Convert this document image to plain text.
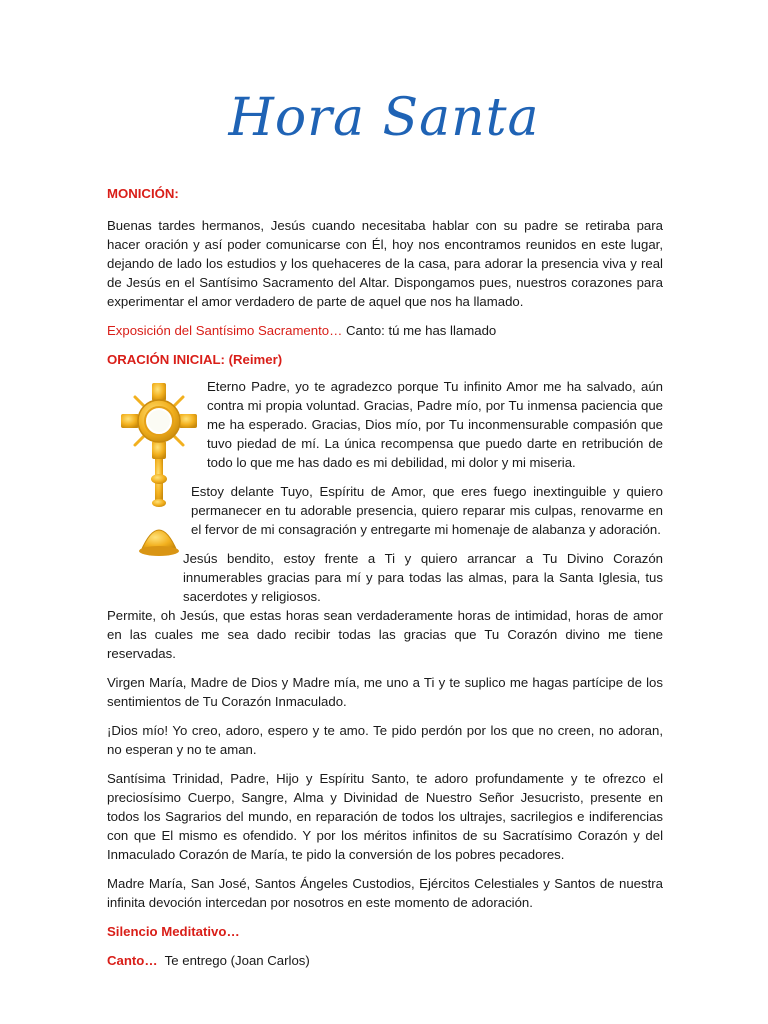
Hora Santa
MONICIÓN:

Buenas tardes hermanos, Jesús cuando necesitaba hablar con su padre se retiraba para hacer oración y así poder comunicarse con Él, hoy nos encontramos reunidos en este lugar, dejando de lado los estudios y los quehaceres de la casa, para adorar la presencia viva y real de Jesús en el Santísimo Sacramento del Altar. Dispongamos pues, nuestros corazones para experimentar el amor verdadero de parte de aquel que nos ha llamado.

Exposición del Santísimo Sacramento… Canto: tú me has llamado
ORACIÓN INICIAL: (Reimer)

Eterno Padre, yo te agradezco porque Tu infinito Amor me ha salvado, aún contra mi propia voluntad. Gracias, Padre mío, por Tu inmensa paciencia que me ha esperado. Gracias, Dios mío, por Tu inconmensurable compasión que tuvo piedad de mí. La única recompensa que puedo darte en retribución de todo lo que me has dado es mi debilidad, mi dolor y mi miseria.

Estoy delante Tuyo, Espíritu de Amor, que eres fuego inextinguible y quiero permanecer en tu adorable presencia, quiero reparar mis culpas, renovarme en el fervor de mi consagración y entregarte mi homenaje de alabanza y adoración.

Jesús bendito, estoy frente a Ti y quiero arrancar a Tu Divino Corazón innumerables gracias para mí y para todas las almas, para la Santa Iglesia, tus sacerdotes y religiosos.

Permite, oh Jesús, que estas horas sean verdaderamente horas de intimidad, horas de amor en las cuales me sea dado recibir todas las gracias que Tu Corazón divino me tiene reservadas.

Virgen María, Madre de Dios y Madre mía, me uno a Ti y te suplico me hagas partícipe de los sentimientos de Tu Corazón Inmaculado.

¡Dios mío! Yo creo, adoro, espero y te amo. Te pido perdón por los que no creen, no adoran, no esperan y no te aman.

Santísima Trinidad, Padre, Hijo y Espíritu Santo, te adoro profundamente y te ofrezco el preciosísimo Cuerpo, Sangre, Alma y Divinidad de Nuestro Señor Jesucristo, presente en todos los Sagrarios del mundo, en reparación de todos los ultrajes, sacrilegios e indiferencias con que El mismo es ofendido. Y por los méritos infinitos de su Sacratísimo Corazón y del Inmaculado Corazón de María, te pido la conversión de los pobres pecadores.

Madre María, San José, Santos Ángeles Custodios, Ejércitos Celestiales y Santos de nuestra infinita devoción intercedan por nosotros en este momento de adoración.

Silencio Meditativo…
Canto…  Te entrego (Joan Carlos)
